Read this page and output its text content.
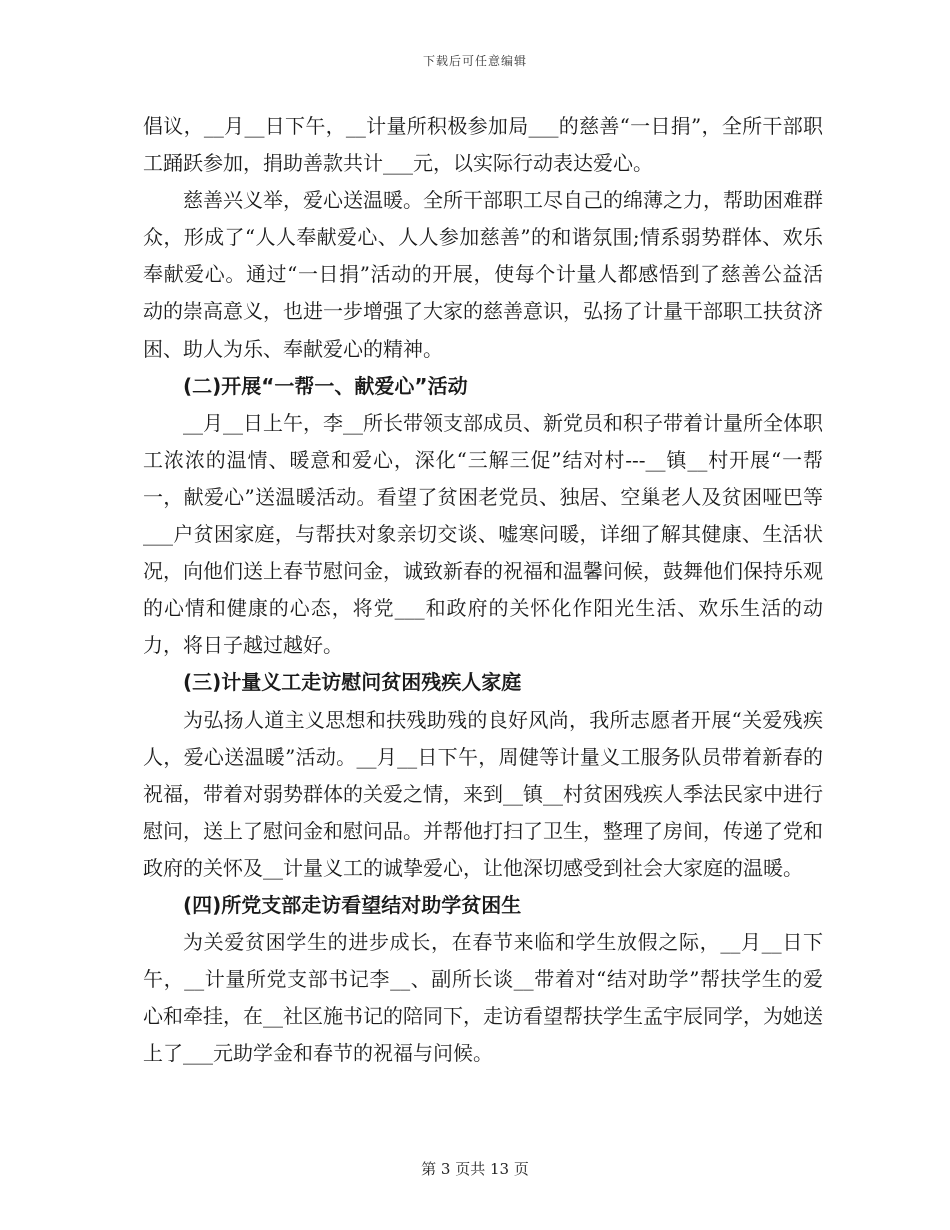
下载后可任意编辑

倡议，__月__日下午，__计量所积极参加局___的慈善“一日捐”，全所干部职工踊跃参加，捐助善款共计___元，以实际行动表达爱心。

慈善兴义举，爱心送温暖。全所干部职工尽自己的绵薄之力，帮助困难群众，形成了“人人奉献爱心、人人参加慈善”的和谐氛围;情系弱势群体、欢乐奉献爱心。通过“一日捐”活动的开展，使每个计量人都感悟到了慈善公益活动的崇高意义，也进一步增强了大家的慈善意识，弘扬了计量干部职工扶贫济困、助人为乐、奉献爱心的精神。

(二)开展“一帮一、献爱心”活动

__月__日上午，李__所长带领支部成员、新党员和积子带着计量所全体职工浓浓的温情、暖意和爱心，深化“三解三促”结对村---__镇__村开展“一帮一，献爱心”送温暖活动。看望了贫困老党员、独居、空巢老人及贫困哑巴等___户贫困家庭，与帮扶对象亲切交谈、嘘寒问暖，详细了解其健康、生活状况，向他们送上春节慰问金，诚致新春的祝福和温馨问候，鼓舞他们保持乐观的心情和健康的心态，将党___和政府的关怀化作阳光生活、欢乐生活的动力，将日子越过越好。

(三)计量义工走访慰问贫困残疾人家庭

为弘扬人道主义思想和扶残助残的良好风尚，我所志愿者开展“关爱残疾人，爱心送温暖”活动。__月__日下午，周健等计量义工服务队员带着新春的祝福，带着对弱势群体的关爱之情，来到__镇__村贫困残疾人季法民家中进行慰问，送上了慰问金和慰问品。并帮他打扫了卫生，整理了房间，传递了党和政府的关怀及__计量义工的诚挚爱心，让他深切感受到社会大家庭的温暖。

(四)所党支部走访看望结对助学贫困生

为关爱贫困学生的进步成长，在春节来临和学生放假之际，__月__日下午，__计量所党支部书记李__、副所长谈__带着对“结对助学”帮扶学生的爱心和牵挂，在__社区施书记的陪同下，走访看望帮扶学生孟宇辰同学，为她送上了___元助学金和春节的祝福与问候。

第 3 页共 13 页
